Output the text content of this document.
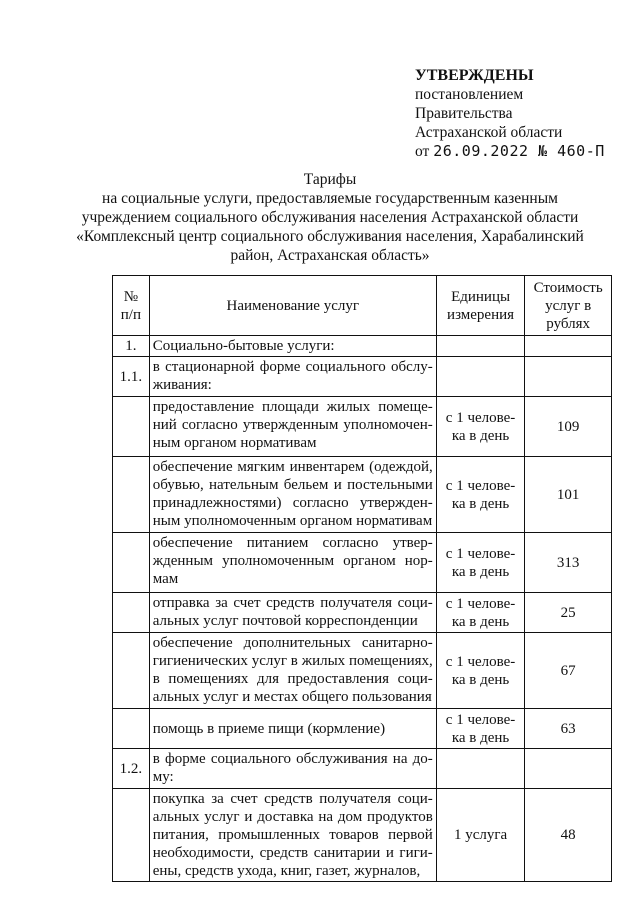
УТВЕРЖДЕНЫ
постановлением
Правительства
Астраханской области
от 26.09.2022 № 460-П
Тарифы
на социальные услуги, предоставляемые государственным казенным
учреждением социального обслуживания населения Астраханской области
«Комплексный центр социального обслуживания населения, Харабалинский
район, Астраханская область»
№ п/п	Наименование услуг	Единицы измерения	Стоимость услуг в рублях
1.	Социально-бытовые услуги:		
1.1.	в стационарной форме социального обслу-живания:		
	предоставление площади жилых помеще-ний согласно утвержденным уполномочен-ным органом нормативам	с 1 челове-ка в день	109
	обеспечение мягким инвентарем (одеждой, обувью, нательным бельем и постельными принадлежностями) согласно утвержден-ным уполномоченным органом нормативам	с 1 челове-ка в день	101
	обеспечение питанием согласно утвер-жденным уполномоченным органом нор-мам	с 1 челове-ка в день	313
	отправка за счет средств получателя соци-альных услуг почтовой корреспонденции	с 1 челове-ка в день	25
	обеспечение дополнительных санитарно-гигиенических услуг в жилых помещениях, в помещениях для предоставления соци-альных услуг и местах общего пользования	с 1 челове-ка в день	67
	помощь в приеме пищи (кормление)	с 1 челове-ка в день	63
1.2.	в форме социального обслуживания на до-му:		
	покупка за счет средств получателя соци-альных услуг и доставка на дом продуктов питания, промышленных товаров первой необходимости, средств санитарии и гиги-ены, средств ухода, книг, газет, журналов,	1 услуга	48
